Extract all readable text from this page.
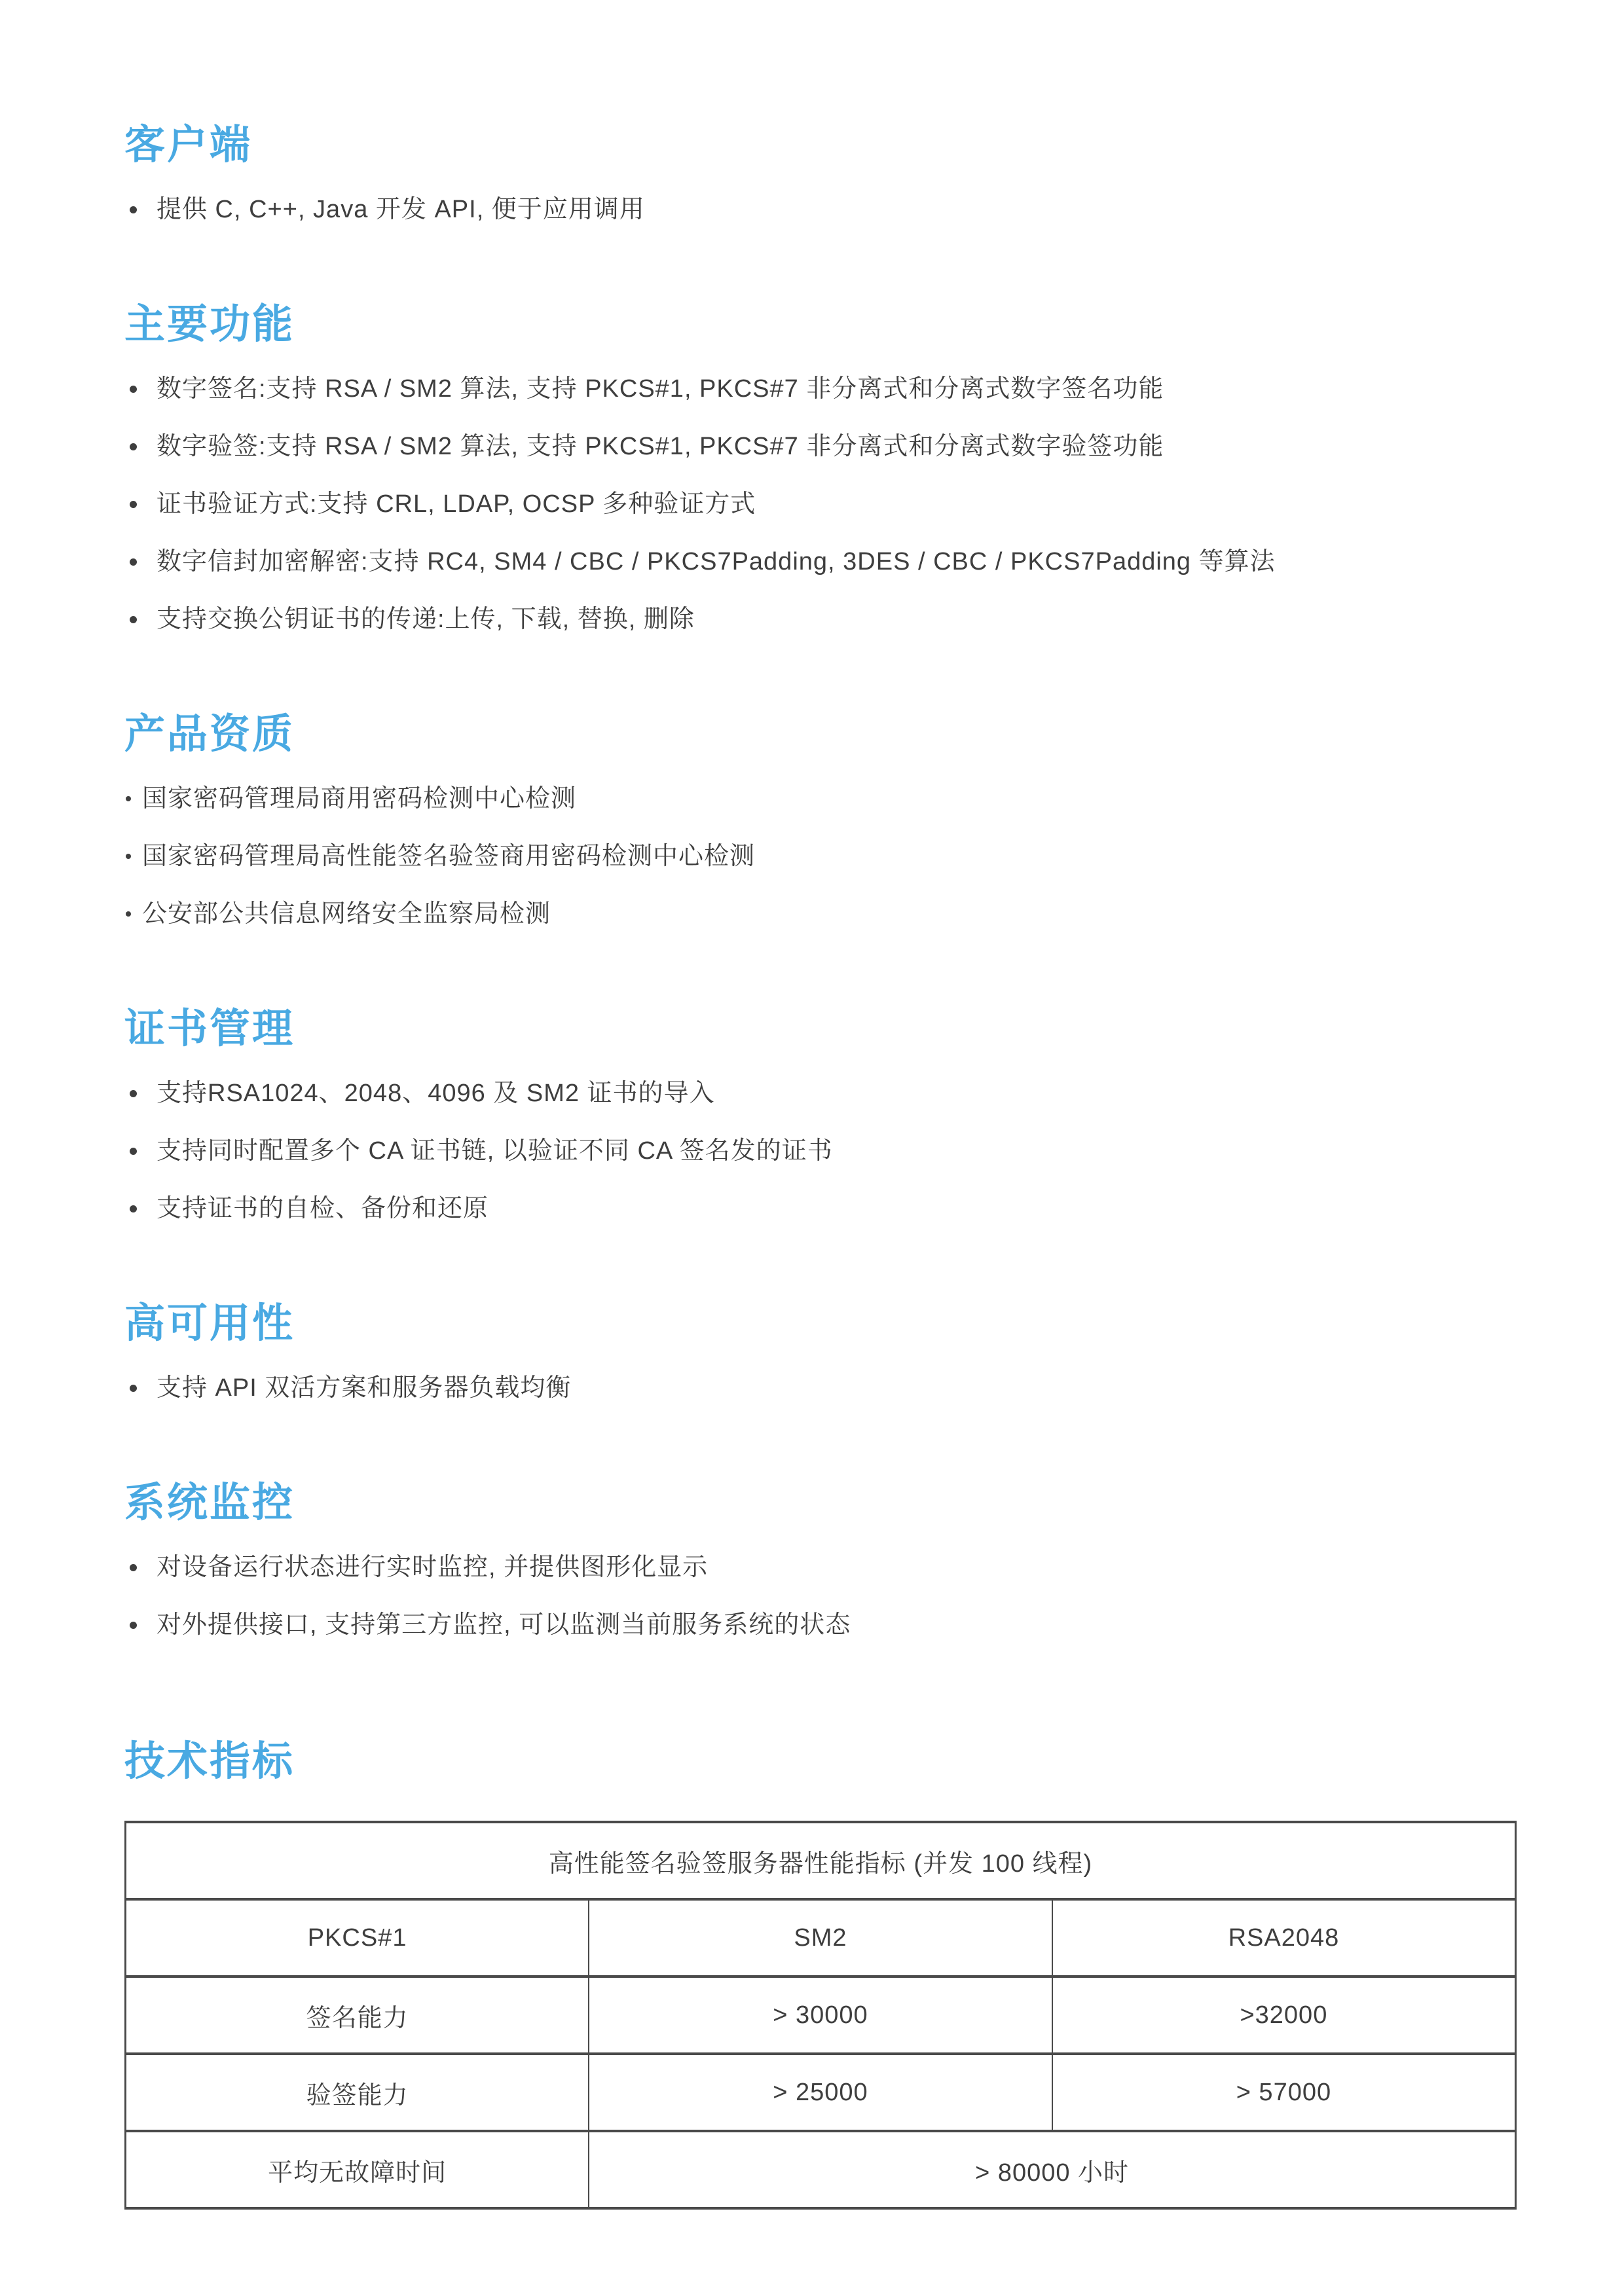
客户端
提供 C, C++, Java 开发 API, 便于应用调用
主要功能
数字签名:支持 RSA / SM2 算法, 支持 PKCS#1, PKCS#7 非分离式和分离式数字签名功能
数字验签:支持 RSA / SM2 算法, 支持 PKCS#1, PKCS#7 非分离式和分离式数字验签功能
证书验证方式:支持 CRL, LDAP, OCSP 多种验证方式
数字信封加密解密:支持 RC4, SM4 / CBC / PKCS7Padding, 3DES / CBC / PKCS7Padding 等算法
支持交换公钥证书的传递:上传, 下载, 替换, 删除
产品资质
国家密码管理局商用密码检测中心检测
国家密码管理局高性能签名验签商用密码检测中心检测
公安部公共信息网络安全监察局检测
证书管理
支持RSA1024、2048、4096 及 SM2 证书的导入
支持同时配置多个 CA 证书链, 以验证不同 CA 签名发的证书
支持证书的自检、备份和还原
高可用性
支持 API 双活方案和服务器负载均衡
系统监控
对设备运行状态进行实时监控, 并提供图形化显示
对外提供接口, 支持第三方监控, 可以监测当前服务系统的状态
技术指标
高性能签名验签服务器性能指标 (并发 100 线程)		
PKCS#1	SM2	RSA2048
签名能力	> 30000	>32000
验签能力	> 25000	> 57000
平均无故障时间	> 80000 小时	
